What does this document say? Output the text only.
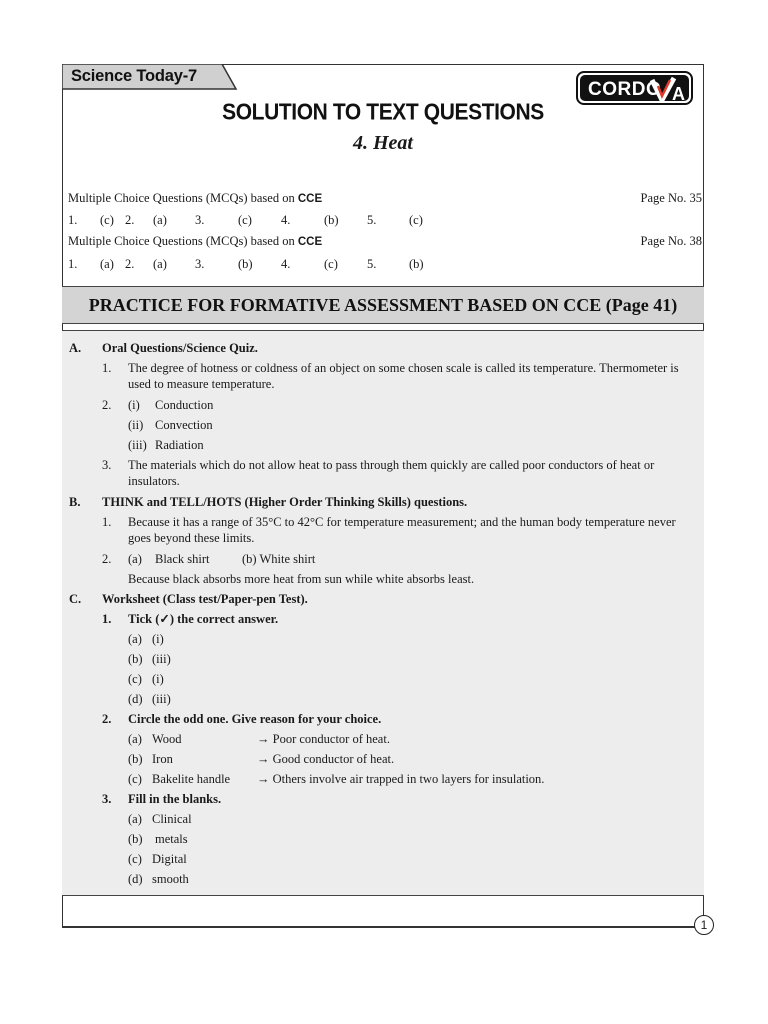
Science Today-7
CORDO A
SOLUTION TO TEXT QUESTIONS
4. Heat
Multiple Choice Questions (MCQs) based on CCE	Page No. 35
1. (c) 2. (a) 3.	(c) 4.	(b) 5.	(c)
Multiple Choice Questions (MCQs) based on CCE	Page No. 38
1. (a) 2. (a) 3.	(b) 4.	(c) 5.	(b)
PRACTICE FOR FORMATIVE ASSESSMENT BASED ON CCE (Page 41)
A. Oral Questions/Science Quiz.
1. The degree of hotness or coldness of an object on some chosen scale is called its temperature. Thermometer is
used to measure temperature.
2. (i) Conduction
(ii) Convection
(iii) Radiation
3. The materials which do not allow heat to pass through them quickly are called poor conductors of heat or
insulators.
B. THINK and TELL/HOTS (Higher Order Thinking Skills) questions.
1. Because it has a range of 35°C to 42°C for temperature measurement; and the human body temperature never
goes beyond these limits.
2. (a) Black shirt	(b) White shirt
Because black absorbs more heat from sun while white absorbs least.
C. Worksheet (Class test/Paper-pen Test).
1. Tick (✓) the correct answer.
(a) (i)
(b) (iii)
(c) (i)
(d) (iii)
2. Circle the odd one. Give reason for your choice.
(a) Wood	→ Poor conductor of heat.
(b) Iron	→ Good conductor of heat.
(c) Bakelite handle → Others involve air trapped in two layers for insulation.
3. Fill in the blanks.
(a) Clinical
(b) metals
(c) Digital
(d) smooth
1
